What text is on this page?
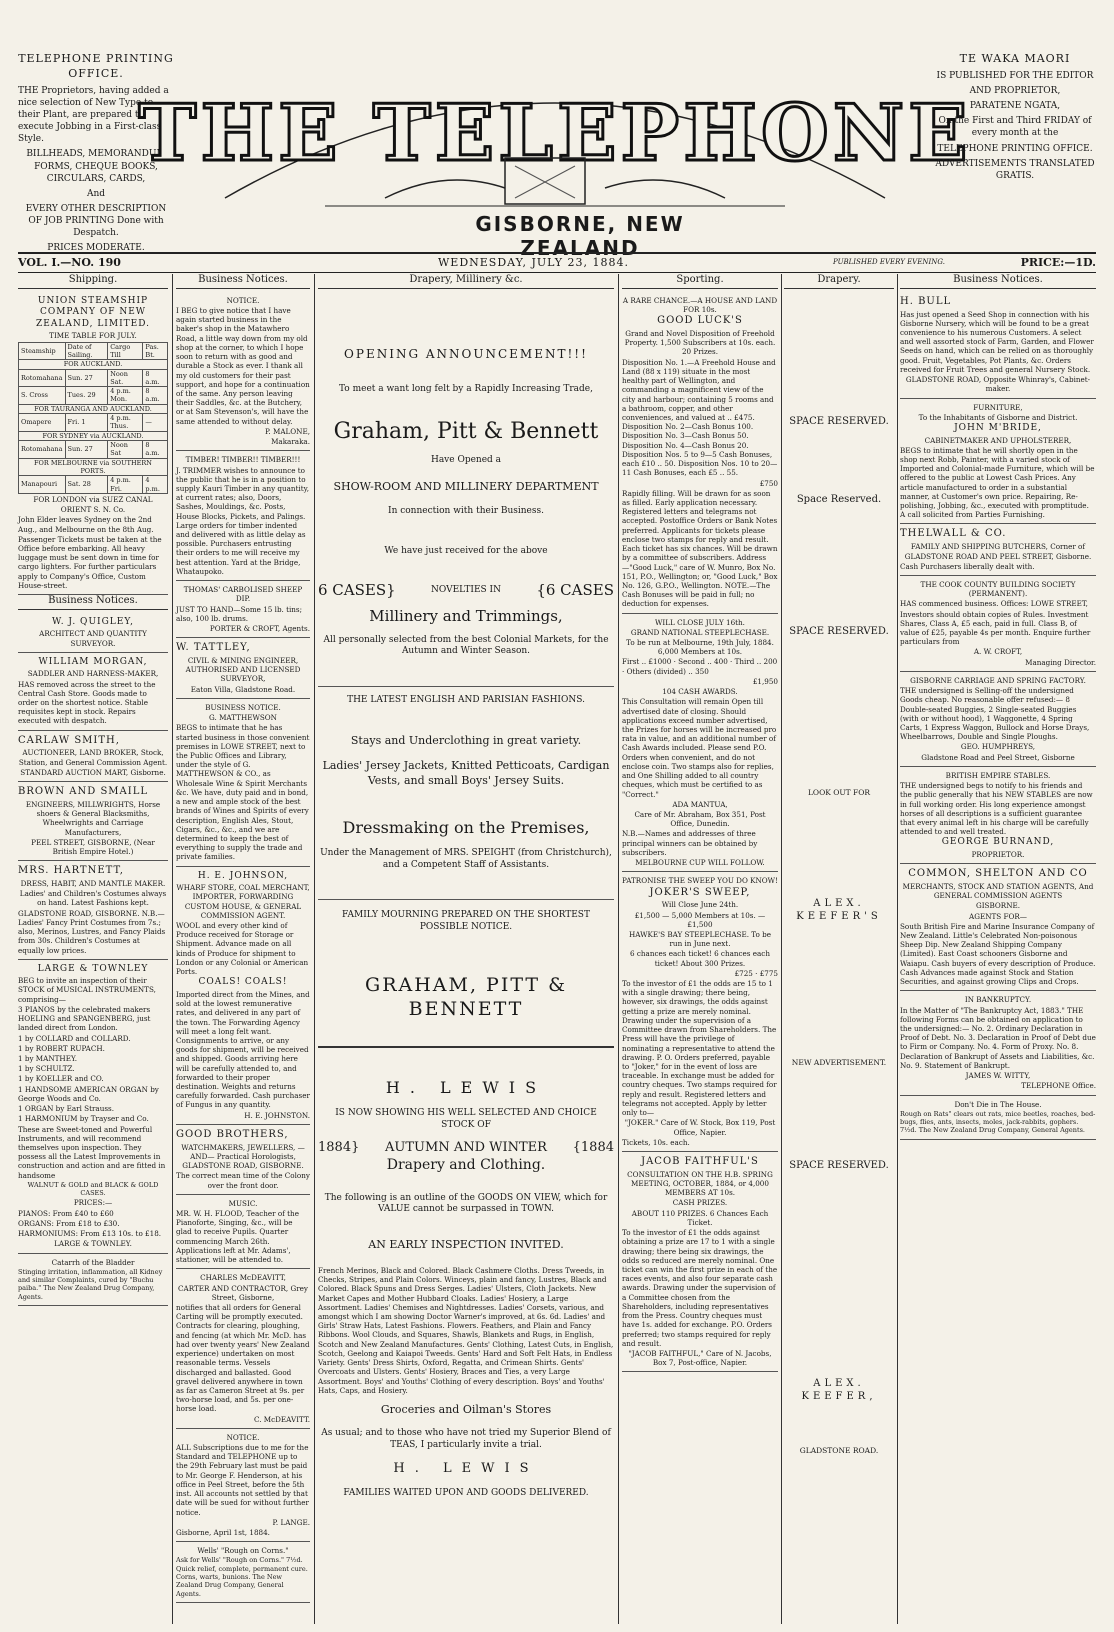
TELEPHONE PRINTING OFFICE.

THE Proprietors, having added a nice selection of New Type to their Plant, are prepared to execute Jobbing in a First-class Style.

BILLHEADS, MEMORANDUM FORMS, CHEQUE BOOKS, CIRCULARS, CARDS,

And

EVERY OTHER DESCRIPTION OF JOB PRINTING Done with Despatch.

PRICES MODERATE.

THE TELEPHONE
GISBORNE, NEW ZEALAND
TE WAKA MAORI

IS PUBLISHED FOR THE EDITOR

AND PROPRIETOR,

PARATENE NGATA,

On the First and Third FRIDAY of every month at the

TELEPHONE PRINTING OFFICE.

ADVERTISEMENTS TRANSLATED GRATIS.

VOL. I.—NO. 190	WEDNESDAY, JULY 23, 1884.	PUBLISHED EVERY EVENING.	PRICE:—1D.
Shipping.

UNION STEAMSHIP COMPANY OF NEW ZEALAND, LIMITED.

TIME TABLE FOR JULY.

Steamship	Date of Sailing.	Cargo Till	Pas. Bt.
FOR AUCKLAND.			
Rotomahana	Sun. 27	Noon Sat.	8 a.m.
S. Cross	Tues. 29	4 p.m. Mon.	8 a.m.
FOR TAURANGA AND AUCKLAND.			
Omapere	Fri. 1	4 p.m. Thus.	—
FOR SYDNEY via AUCKLAND.			
Rotomahana	Sun. 27	Noon Sat	8 a.m.
FOR MELBOURNE via SOUTHERN PORTS.			
Manapouri	Sat. 28	4 p.m. Fri.	4 p.m.

FOR LONDON via SUEZ CANAL

ORIENT S. N. Co.

John Elder leaves Sydney on the 2nd Aug., and Melbourne on the 8th Aug.

Passenger Tickets must be taken at the Office before embarking. All heavy luggage must be sent down in time for cargo lighters. For further particulars apply to Company's Office, Custom House-street.

Business Notices.

W. J. QUIGLEY,

ARCHITECT AND QUANTITY SURVEYOR.

WILLIAM MORGAN,

SADDLER AND HARNESS-MAKER,

HAS removed across the street to the Central Cash Store. Goods made to order on the shortest notice. Stable requisites kept in stock. Repairs executed with despatch.

CARLAW SMITH,

AUCTIONEER, LAND BROKER, Stock, Station, and General Commission Agent.

STANDARD AUCTION MART, Gisborne.

BROWN AND SMAILL

ENGINEERS, MILLWRIGHTS, Horse shoers & General Blacksmiths, Wheelwrights and Carriage Manufacturers,

PEEL STREET, GISBORNE, (Near British Empire Hotel.)

MRS. HARTNETT,

DRESS, HABIT, AND MANTLE MAKER.

Ladies' and Children's Costumes always on hand. Latest Fashions kept.

GLADSTONE ROAD, GISBORNE. N.B.—Ladies' Fancy Print Costumes from 7s.; also, Merinos, Lustres, and Fancy Plaids from 30s. Children's Costumes at equally low prices.

LARGE & TOWNLEY

BEG to invite an inspection of their STOCK of MUSICAL INSTRUMENTS, comprising—

3 PIANOS by the celebrated makers HOELING and SPANGENBERG, just landed direct from London.

1 by COLLARD and COLLARD.

1 by ROBERT RUPACH.

1 by MANTHEY.

1 by SCHULTZ.

1 by KOELLER and CO.

1 HANDSOME AMERICAN ORGAN by George Woods and Co.

1 ORGAN by Earl Strauss.

1 HARMONIUM by Trayser and Co.

These are Sweet-toned and Powerful Instruments, and will recommend themselves upon inspection. They possess all the Latest Improvements in construction and action and are fitted in handsome

WALNUT & GOLD and BLACK & GOLD CASES.

PRICES:—

PIANOS: From £40 to £60

ORGANS: From £18 to £30.

HARMONIUMS: From £13 10s. to £18.

LARGE & TOWNLEY.

Catarrh of the Bladder

Stinging irritation, inflammation, all Kidney and similar Complaints, cured by "Buchu paiba." The New Zealand Drug Company, Agents.

Business Notices.

NOTICE.

I BEG to give notice that I have again started business in the baker's shop in the Matawhero Road, a little way down from my old shop at the corner, to which I hope soon to return with as good and durable a Stock as ever. I thank all my old customers for their past support, and hope for a continuation of the same. Any person leaving their Saddles, &c. at the Butchery, or at Sam Stevenson's, will have the same attended to without delay.

P. MALONE,

Makaraka.

TIMBER! TIMBER!! TIMBER!!!

J. TRIMMER wishes to announce to the public that he is in a position to supply Kauri Timber in any quantity, at current rates; also, Doors, Sashes, Mouldings, &c. Posts, House Blocks, Pickets, and Palings. Large orders for timber indented and delivered with as little delay as possible. Purchasers entrusting their orders to me will receive my best attention. Yard at the Bridge, Whataupoko.

THOMAS' CARBOLISED SHEEP DIP.

JUST TO HAND—Some 15 lb. tins; also, 100 lb. drums.

PORTER & CROFT, Agents.

W. TATTLEY,

CIVIL & MINING ENGINEER, AUTHORISED AND LICENSED SURVEYOR,

Eaton Villa, Gladstone Road.

BUSINESS NOTICE.

G. MATTHEWSON

BEGS to intimate that he has started business in those convenient premises in LOWE STREET, next to the Public Offices and Library, under the style of G. MATTHEWSON & CO., as Wholesale Wine & Spirit Merchants &c. We have, duty paid and in bond, a new and ample stock of the best brands of Wines and Spirits of every description, English Ales, Stout, Cigars, &c., &c., and we are determined to keep the best of everything to supply the trade and private families.

H. E. JOHNSON,

WHARF STORE, COAL MERCHANT, IMPORTER, FORWARDING CUSTOM HOUSE, & GENERAL COMMISSION AGENT.

WOOL and every other kind of Produce received for Storage or Shipment. Advance made on all kinds of Produce for shipment to London or any Colonial or American Ports.

COALS! COALS!

Imported direct from the Mines, and sold at the lowest remunerative rates, and delivered in any part of the town. The Forwarding Agency will meet a long felt want. Consignments to arrive, or any goods for shipment, will be received and shipped. Goods arriving here will be carefully attended to, and forwarded to their proper destination. Weights and returns carefully forwarded. Cash purchaser of Fungus in any quantity.

H. E. JOHNSTON.

GOOD BROTHERS,

WATCHMAKERS, JEWELLERS, —AND— Practical Horologists, GLADSTONE ROAD, GISBORNE.

The correct mean time of the Colony over the front door.

MUSIC.

MR. W. H. FLOOD, Teacher of the Pianoforte, Singing, &c., will be glad to receive Pupils. Quarter commencing March 26th. Applications left at Mr. Adams', stationer, will be attended to.

CHARLES McDEAVITT,

CARTER AND CONTRACTOR, Grey Street, Gisborne,

notifies that all orders for General Carting will be promptly executed. Contracts for clearing, ploughing, and fencing (at which Mr. McD. has had over twenty years' New Zealand experience) undertaken on most reasonable terms. Vessels discharged and ballasted. Good gravel delivered anywhere in town as far as Cameron Street at 9s. per two-horse load, and 5s. per one-horse load.

C. McDEAVITT.

NOTICE.

ALL Subscriptions due to me for the Standard and TELEPHONE up to the 29th February last must be paid to Mr. George F. Henderson, at his office in Peel Street, before the 5th inst. All accounts not settled by that date will be sued for without further notice.

P. LANGE.

Gisborne, April 1st, 1884.

Wells' "Rough on Corns."

Ask for Wells' "Rough on Corns." 7½d. Quick relief, complete, permanent cure. Corns, warts, bunions. The New Zealand Drug Company, General Agents.

Drapery, Millinery &c.
OPENING ANNOUNCEMENT!!!

To meet a want long felt by a Rapidly Increasing Trade,

Graham, Pitt & Bennett

Have Opened a

SHOW-ROOM AND MILLINERY DEPARTMENT

In connection with their Business.

We have just received for the above

6 CASES}	NOVELTIES IN {6 CASES
Millinery and Trimmings,

All personally selected from the best Colonial Markets, for the Autumn and Winter Season.

THE LATEST ENGLISH AND PARISIAN FASHIONS.

Stays and Underclothing in great variety.

Ladies' Jersey Jackets, Knitted Petticoats, Cardigan Vests, and small Boys' Jersey Suits.

Dressmaking on the Premises,

Under the Management of MRS. SPEIGHT (from Christchurch), and a Competent Staff of Assistants.

FAMILY MOURNING PREPARED ON THE SHORTEST POSSIBLE NOTICE.

GRAHAM, PITT & BENNETT
H. LEWIS

IS NOW SHOWING HIS WELL SELECTED AND CHOICE STOCK OF

1884} AUTUMN AND WINTER {1884
Drapery and Clothing.

The following is an outline of the GOODS ON VIEW, which for VALUE cannot be surpassed in TOWN.

AN EARLY INSPECTION INVITED.

French Merinos, Black and Colored. Black Cashmere Cloths. Dress Tweeds, in Checks, Stripes, and Plain Colors. Winceys, plain and fancy, Lustres, Black and Colored. Black Spuns and Dress Serges. Ladies' Ulsters, Cloth Jackets. New Market Capes and Mother Hubbard Cloaks. Ladies' Hosiery, a Large Assortment. Ladies' Chemises and Nightdresses. Ladies' Corsets, various, and amongst which I am showing Doctor Warner's improved, at 6s. 6d. Ladies' and Girls' Straw Hats, Latest Fashions. Flowers. Feathers, and Plain and Fancy Ribbons. Wool Clouds, and Squares, Shawls, Blankets and Rugs, in English, Scotch and New Zealand Manufactures. Gents' Clothing, Latest Cuts, in English, Scotch, Geelong and Kaiapoi Tweeds. Gents' Hard and Soft Felt Hats, in Endless Variety. Gents' Dress Shirts, Oxford, Regatta, and Crimean Shirts. Gents' Overcoats and Ulsters. Gents' Hosiery, Braces and Ties, a very Large Assortment. Boys' and Youths' Clothing of every description. Boys' and Youths' Hats, Caps, and Hosiery.

Groceries and Oilman's Stores

As usual; and to those who have not tried my Superior Blend of TEAS, I particularly invite a trial.

H. LEWIS

FAMILIES WAITED UPON AND GOODS DELIVERED.

Sporting.

A RARE CHANCE.—A HOUSE AND LAND FOR 10s.

GOOD LUCK'S

Grand and Novel Disposition of Freehold Property. 1,500 Subscribers at 10s. each. 20 Prizes.

Disposition No. 1.—A Freehold House and Land (88 x 119) situate in the most healthy part of Wellington, and commanding a magnificent view of the city and harbour; containing 5 rooms and a bathroom, copper, and other conveniences, and valued at .. £475. Disposition No. 2—Cash Bonus 100. Disposition No. 3—Cash Bonus 50. Disposition No. 4—Cash Bonus 20. Disposition Nos. 5 to 9—5 Cash Bonuses, each £10 .. 50. Disposition Nos. 10 to 20—11 Cash Bonuses, each £5 .. 55.

£750

Rapidly filling. Will be drawn for as soon as filled. Early application necessary. Registered letters and telegrams not accepted. Postoffice Orders or Bank Notes preferred. Applicants for tickets please enclose two stamps for reply and result. Each ticket has six chances. Will be drawn by a committee of subscribers. Address—"Good Luck," care of W. Munro, Box No. 151, P.O., Wellington; or, "Good Luck," Box No. 126, G.P.O., Wellington. NOTE.—The Cash Bonuses will be paid in full; no deduction for expenses.

WILL CLOSE JULY 16th.

GRAND NATIONAL STEEPLECHASE.

To be run at Melbourne, 19th July, 1884. 6,000 Members at 10s.

First .. £1000 · Second .. 400 · Third .. 200 · Others (divided) .. 350

£1,950

104 CASH AWARDS.

This Consultation will remain Open till advertised date of closing. Should applications exceed number advertised, the Prizes for horses will be increased pro rata in value, and an additional number of Cash Awards included. Please send P.O. Orders when convenient, and do not enclose coin. Two stamps also for replies, and One Shilling added to all country cheques, which must be certified to as "Correct."

ADA MANTUA,

Care of Mr. Abraham, Box 351, Post Office, Dunedin.

N.B.—Names and addresses of three principal winners can be obtained by subscribers.

MELBOURNE CUP WILL FOLLOW.

PATRONISE THE SWEEP YOU DO KNOW!

JOKER'S SWEEP,

Will Close June 24th.

£1,500 — 5,000 Members at 10s. — £1,500

HAWKE'S BAY STEEPLECHASE. To be run in June next.

6 chances each ticket! 6 chances each ticket! About 300 Prizes.

£725 · £775

To the investor of £1 the odds are 15 to 1 with a single drawing; there being, however, six drawings, the odds against getting a prize are merely nominal. Drawing under the supervision of a Committee drawn from Shareholders. The Press will have the privilege of nominating a representative to attend the drawing. P. O. Orders preferred, payable to "Joker," for in the event of loss are traceable. In exchange must be added for country cheques. Two stamps required for reply and result. Registered letters and telegrams not accepted. Apply by letter only to—

"JOKER." Care of W. Stock, Box 119, Post Office, Napier.

Tickets, 10s. each.

JACOB FAITHFUL'S

CONSULTATION ON THE H.B. SPRING MEETING, OCTOBER, 1884, or 4,000 MEMBERS AT 10s.

CASH PRIZES.

ABOUT 110 PRIZES. 6 Chances Each Ticket.

To the investor of £1 the odds against obtaining a prize are 17 to 1 with a single drawing; there being six drawings, the odds so reduced are merely nominal. One ticket can win the first prize in each of the races events, and also four separate cash awards. Drawing under the supervision of a Committee chosen from the Shareholders, including representatives from the Press. Country cheques must have 1s. added for exchange. P.O. Orders preferred; two stamps required for reply and result.

"JACOB FAITHFUL," Care of N. Jacobs, Box 7, Post-office, Napier.

Drapery.
SPACE RESERVED.
Space Reserved.
SPACE RESERVED.
LOOK OUT FOR
ALEX. KEEFER'S
NEW ADVERTISEMENT.
SPACE RESERVED.
ALEX. KEEFER,
GLADSTONE ROAD.
Business Notices.

H. BULL

Has just opened a Seed Shop in connection with his Gisborne Nursery, which will be found to be a great convenience to his numerous Customers. A select and well assorted stock of Farm, Garden, and Flower Seeds on hand, which can be relied on as thoroughly good. Fruit, Vegetables, Pot Plants, &c. Orders received for Fruit Trees and general Nursery Stock.

GLADSTONE ROAD, Opposite Whinray's, Cabinet-maker.

FURNITURE,

To the Inhabitants of Gisborne and District.

JOHN M'BRIDE,

CABINETMAKER AND UPHOLSTERER,

BEGS to intimate that he will shortly open in the shop next Robb, Painter, with a varied stock of Imported and Colonial-made Furniture, which will be offered to the public at Lowest Cash Prices. Any article manufactured to order in a substantial manner, at Customer's own price. Repairing, Re-polishing, Jobbing, &c., executed with promptitude. A call solicited from Parties Furnishing.

THELWALL & CO.

FAMILY AND SHIPPING BUTCHERS, Corner of GLADSTONE ROAD AND PEEL STREET, Gisborne.

Cash Purchasers liberally dealt with.

THE COOK COUNTY BUILDING SOCIETY (PERMANENT).

HAS commenced business. Offices: LOWE STREET,

Investors should obtain copies of Rules. Investment Shares, Class A, £5 each, paid in full. Class B, of value of £25, payable 4s per month. Enquire further particulars from

A. W. CROFT,

Managing Director.

GISBORNE CARRIAGE AND SPRING FACTORY.

THE undersigned is Selling-off the undersigned Goods cheap. No reasonable offer refused:— 8 Double-seated Buggies, 2 Single-seated Buggies (with or without hood), 1 Waggonette, 4 Spring Carts, 1 Express Waggon, Bullock and Horse Drays, Wheelbarrows, Double and Single Ploughs.

GEO. HUMPHREYS,

Gladstone Road and Peel Street, Gisborne

BRITISH EMPIRE STABLES.

THE undersigned begs to notify to his friends and the public generally that his NEW STABLES are now in full working order. His long experience amongst horses of all descriptions is a sufficient guarantee that every animal left in his charge will be carefully attended to and well treated.

GEORGE BURNAND,

PROPRIETOR.

COMMON, SHELTON AND CO

MERCHANTS, STOCK AND STATION AGENTS, And GENERAL COMMISSION AGENTS

GISBORNE.

AGENTS FOR—

South British Fire and Marine Insurance Company of New Zealand. Little's Celebrated Non-poisonous Sheep Dip. New Zealand Shipping Company (Limited). East Coast schooners Gisborne and Waiapu. Cash buyers of every description of Produce. Cash Advances made against Stock and Station Securities, and against growing Clips and Crops.

IN BANKRUPTCY.

In the Matter of "The Bankruptcy Act, 1883." THE following Forms can be obtained on application to the undersigned:— No. 2. Ordinary Declaration in Proof of Debt. No. 3. Declaration in Proof of Debt due to Firm or Company. No. 4. Form of Proxy. No. 8. Declaration of Bankrupt of Assets and Liabilities, &c. No. 9. Statement of Bankrupt.

JAMES W. WITTY,

TELEPHONE Office.

Don't Die in The House.

Rough on Rats" clears out rats, mice beetles, roaches, bed-bugs, flies, ants, insects, moles, jack-rabbits, gophers. 7½d. The New Zealand Drug Company, General Agents.
